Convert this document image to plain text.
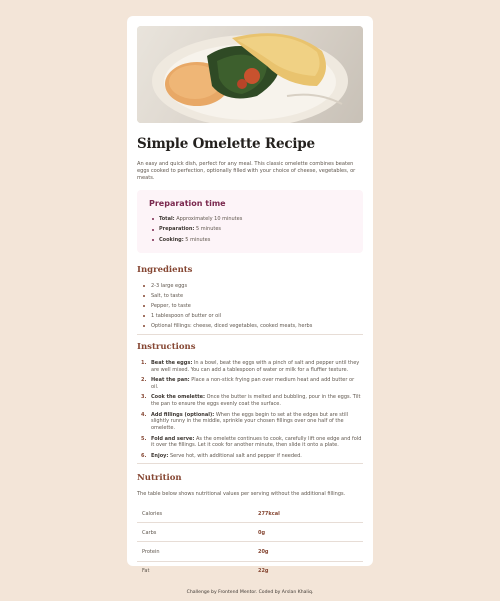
Simple Omelette Recipe

An easy and quick dish, perfect for any meal. This classic omelette combines beaten eggs cooked to perfection, optionally filled with your choice of cheese, vegetables, or meats.

Preparation time
Total: Approximately 10 minutes
Preparation: 5 minutes
Cooking: 5 minutes
Ingredients
2-3 large eggs
Salt, to taste
Pepper, to taste
1 tablespoon of butter or oil
Optional fillings: cheese, diced vegetables, cooked meats, herbs
Instructions
1. Beat the eggs: In a bowl, beat the eggs with a pinch of salt and pepper until they are well mixed. You can add a tablespoon of water or milk for a fluffier texture.
2. Heat the pan: Place a non-stick frying pan over medium heat and add butter or oil.
3. Cook the omelette: Once the butter is melted and bubbling, pour in the eggs. Tilt the pan to ensure the eggs evenly coat the surface.
4. Add fillings (optional): When the eggs begin to set at the edges but are still slightly runny in the middle, sprinkle your chosen fillings over one half of the omelette.
5. Fold and serve: As the omelette continues to cook, carefully lift one edge and fold it over the fillings. Let it cook for another minute, then slide it onto a plate.
6. Enjoy: Serve hot, with additional salt and pepper if needed.
Nutrition

The table below shows nutritional values per serving without the additional fillings.

Calories	277kcal
Carbs	0g
Protein	20g
Fat	22g
Challenge by Frontend Mentor. Coded by Arslan Khaliq.
